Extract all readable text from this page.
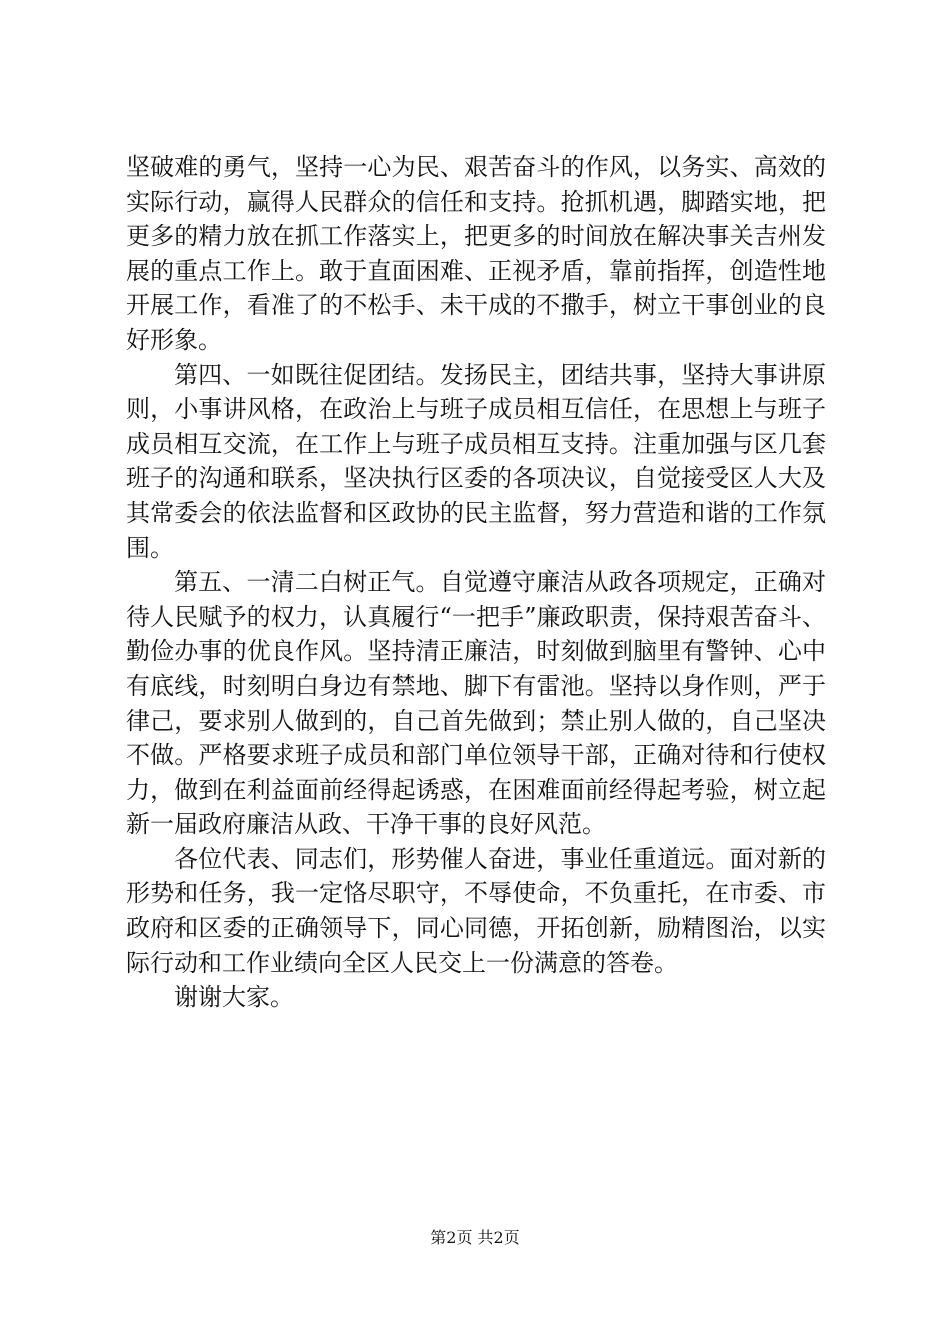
坚破难的勇气，坚持一心为民、艰苦奋斗的作风，以务实、高效的实际行动，赢得人民群众的信任和支持。抢抓机遇，脚踏实地，把更多的精力放在抓工作落实上，把更多的时间放在解决事关吉州发展的重点工作上。敢于直面困难、正视矛盾，靠前指挥，创造性地开展工作，看准了的不松手、未干成的不撒手，树立干事创业的良好形象。

第四、一如既往促团结。发扬民主，团结共事，坚持大事讲原则，小事讲风格，在政治上与班子成员相互信任，在思想上与班子成员相互交流，在工作上与班子成员相互支持。注重加强与区几套班子的沟通和联系，坚决执行区委的各项决议，自觉接受区人大及其常委会的依法监督和区政协的民主监督，努力营造和谐的工作氛围。

第五、一清二白树正气。自觉遵守廉洁从政各项规定，正确对待人民赋予的权力，认真履行“一把手”廉政职责，保持艰苦奋斗、勤俭办事的优良作风。坚持清正廉洁，时刻做到脑里有警钟、心中有底线，时刻明白身边有禁地、脚下有雷池。坚持以身作则，严于律己，要求别人做到的，自己首先做到；禁止别人做的，自己坚决不做。严格要求班子成员和部门单位领导干部，正确对待和行使权力，做到在利益面前经得起诱惑，在困难面前经得起考验，树立起新一届政府廉洁从政、干净干事的良好风范。

各位代表、同志们，形势催人奋进，事业任重道远。面对新的形势和任务，我一定恪尽职守，不辱使命，不负重托，在市委、市政府和区委的正确领导下，同心同德，开拓创新，励精图治，以实际行动和工作业绩向全区人民交上一份满意的答卷。

谢谢大家。

第2页 共2页
